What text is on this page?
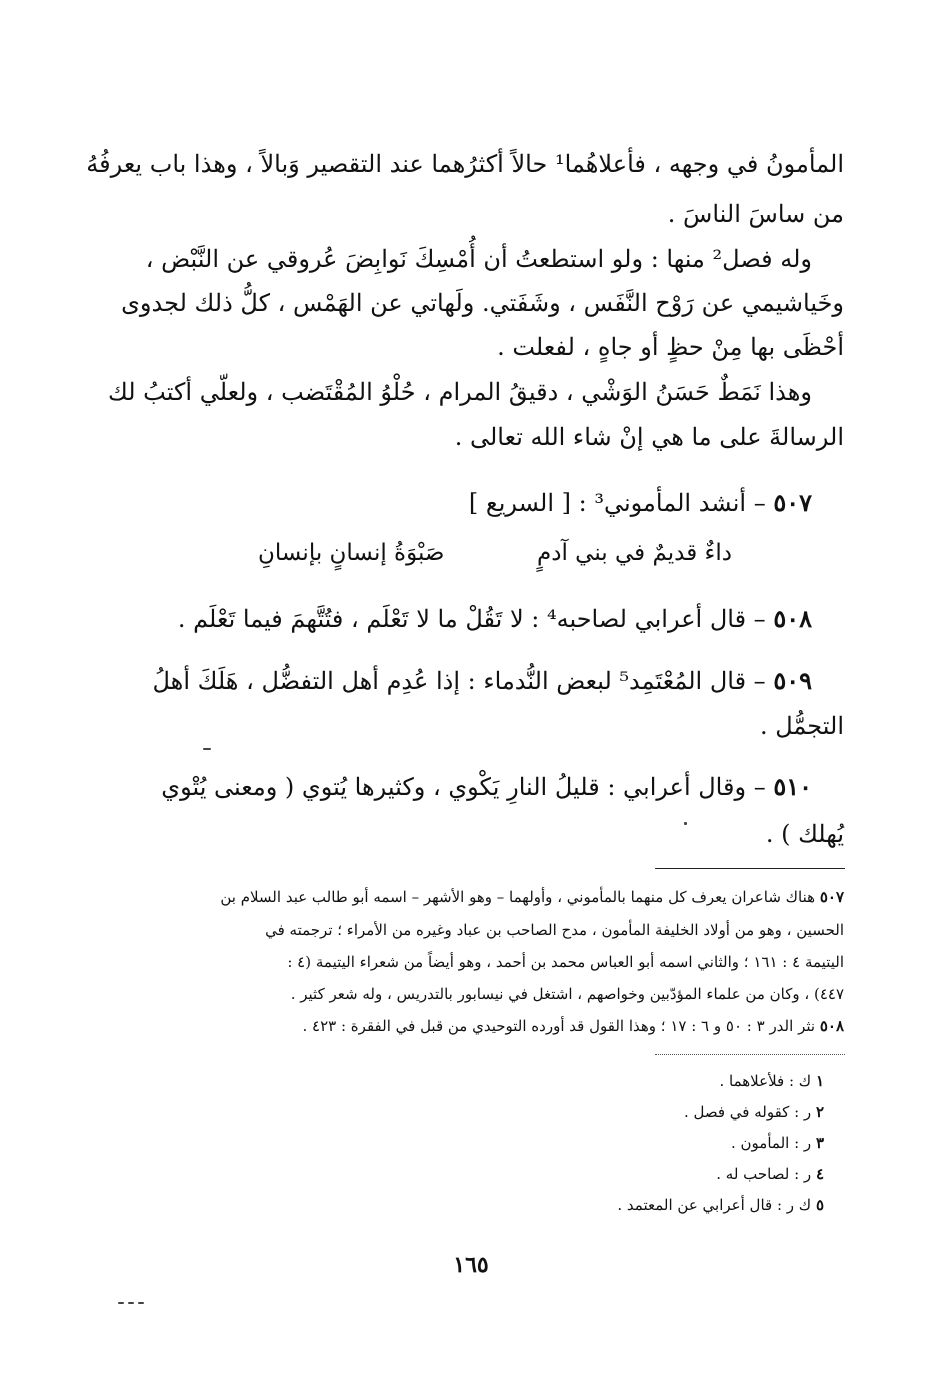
المأمونُ في وجهه ، فأعلاهُما¹ حالاً أكثرُهما عند التقصير وَبالاً ، وهذا باب يعرفُهُ
من ساسَ الناسَ .
وله فصل² منها : ولو استطعتُ أن أُمْسِكَ نَوابِضَ عُروقي عن النَّبْض ،
وخَياشيمي عن رَوْح النَّفَس ، وشَفَتي. ولَهاتي عن الهَمْس ، كلُّ ذلك لجدوى
أحْظَى بها مِنْ حظٍ أو جاهٍ ، لفعلت .
وهذا نَمَطٌ حَسَنُ الوَشْي ، دقيقُ المرام ، حُلْوُ المُقْتَضب ، ولعلّي أكتبُ لك
الرسالةَ على ما هي إنْ شاء الله تعالى .
٥٠٧ – أنشد المأموني³ : [ السريع ]
داءٌ قديمٌ في بني آدمٍ
صَبْوَةُ إنسانٍ بإنسانِ
٥٠٨ – قال أعرابي لصاحبه⁴ : لا تَقُلْ ما لا تَعْلَم ، فتُتَّهمَ فيما تَعْلَم .
٥٠٩ – قال المُعْتَمِد⁵ لبعض النُّدماء : إذا عُدِم أهل التفضُّل ، هَلَكَ أهلُ
التجمُّل .
٥١٠ – وقال أعرابي : قليلُ النارِ يَكْوي ، وكثيرها يُتوي ( ومعنى يُتْوي
يُهلك ) .
٥٠٧ هناك شاعران يعرف كل منهما بالمأموني ، وأولهما – وهو الأشهر – اسمه أبو طالب عبد السلام بن
الحسين ، وهو من أولاد الخليفة المأمون ، مدح الصاحب بن عباد وغيره من الأمراء ؛ ترجمته في
اليتيمة ٤ : ١٦١ ؛ والثاني اسمه أبو العباس محمد بن أحمد ، وهو أيضاً من شعراء اليتيمة (٤ :
٤٤٧) ، وكان من علماء المؤدّبين وخواصهم ، اشتغل في نيسابور بالتدريس ، وله شعر كثير .
٥٠٨ نثر الدر ٣ : ٥٠ و ٦ : ١٧ ؛ وهذا القول قد أورده التوحيدي من قبل في الفقرة : ٤٢٣ .
١ ك : فلأعلاهما .
٢ ر : كقوله في فصل .
٣ ر : المأمون .
٤ ر : لصاحب له .
٥ ك ر : قال أعرابي عن المعتمد .
١٦٥
